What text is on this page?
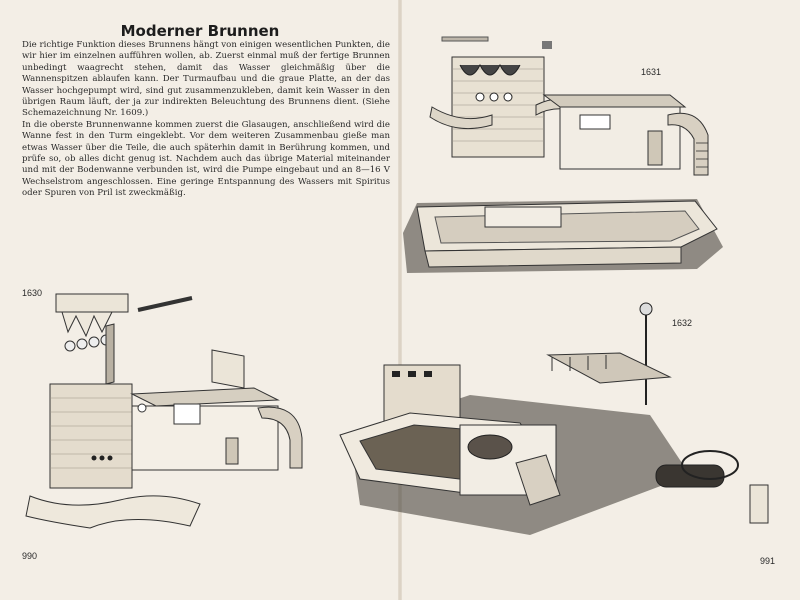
Moderner Brunnen

Die richtige Funktion dieses Brunnens hängt von einigen wesentlichen Punkten, die wir hier im einzelnen aufführen wollen, ab. Zuerst einmal muß der fertige Brunnen unbedingt waagrecht stehen, damit das Wasser gleichmäßig über die Wannenspitzen ablaufen kann. Der Turmaufbau und die graue Platte, an der das Wasser hochgepumpt wird, sind gut zusammenzukleben, damit kein Wasser in den übrigen Raum läuft, der ja zur indirekten Beleuchtung des Brunnens dient. (Siehe Schemazeichnung Nr. 1609.)

In die oberste Brunnenwanne kommen zuerst die Glasaugen, anschließend wird die Wanne fest in den Turm eingeklebt. Vor dem weiteren Zusammenbau gieße man etwas Wasser über die Teile, die auch späterhin damit in Berührung kommen, und prüfe so, ob alles dicht genug ist. Nachdem auch das übrige Material miteinander und mit der Bodenwanne verbunden ist, wird die Pumpe eingebaut und an 8—16 V Wechselstrom angeschlossen. Eine geringe Entspannung des Wassers mit Spiritus oder Spuren von Pril ist zweckmäßig.

1630
1631
1632
990	991
